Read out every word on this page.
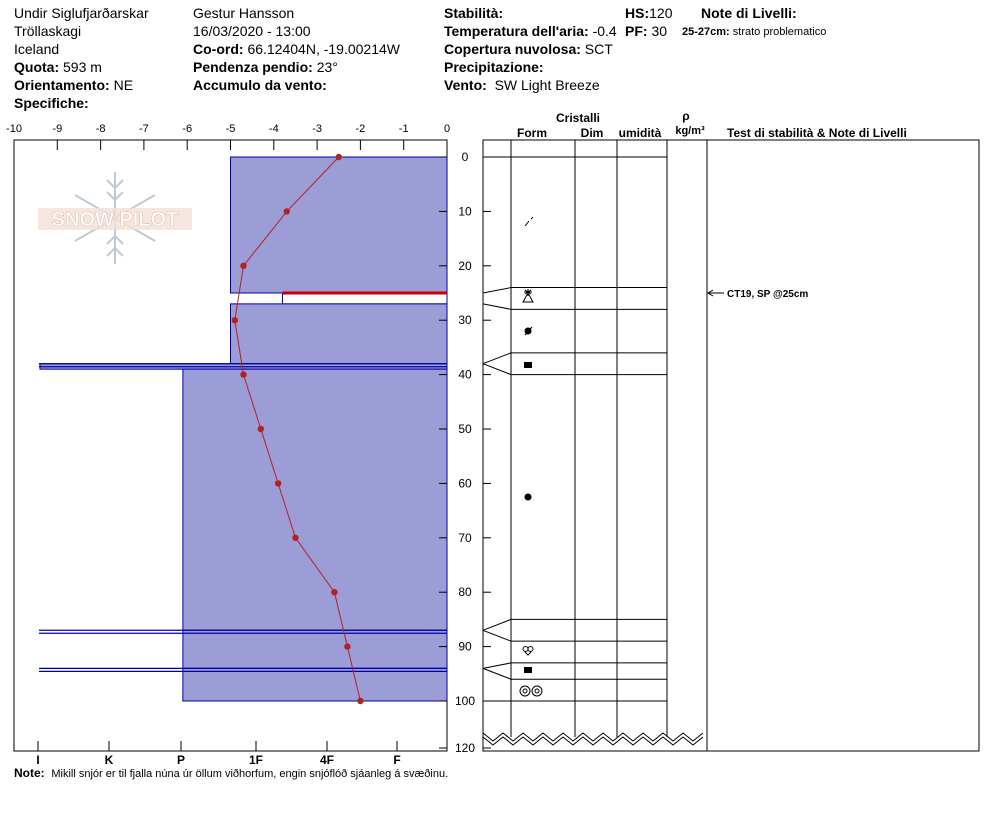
Undir Siglufjarðarskar
Tröllaskagi
Iceland
Quota: 593 m
Orientamento: NE
Specifiche:
Gestur Hansson
16/03/2020 - 13:00
Co-ord: 66.12404N, -19.00214W
Pendenza pendio: 23°
Accumulo da vento:
Stabilità:
Temperatura dell'aria: -0.4
Copertura nuvolosa: SCT
Precipitazione:
Vento: SW Light Breeze
HS:120
PF: 30
Note di Livelli:
25-27cm: strato problematico
SNOW PILOT
-10	-9	-8	-7	-6	-5	-4	-3	-2	-1	0
0
10
20
30
40
50
60
70
80
90
100
120
I	K	P	1F	4F	F
CT19, SP @25cm
Cristalli
Form	Dim umidità
ρ
kg/m³ Test di stabilità & Note di Livelli
Note: Mikill snjór er til fjalla núna úr öllum viðhorfum, engin snjóflóð sjáanleg á svæðinu.
